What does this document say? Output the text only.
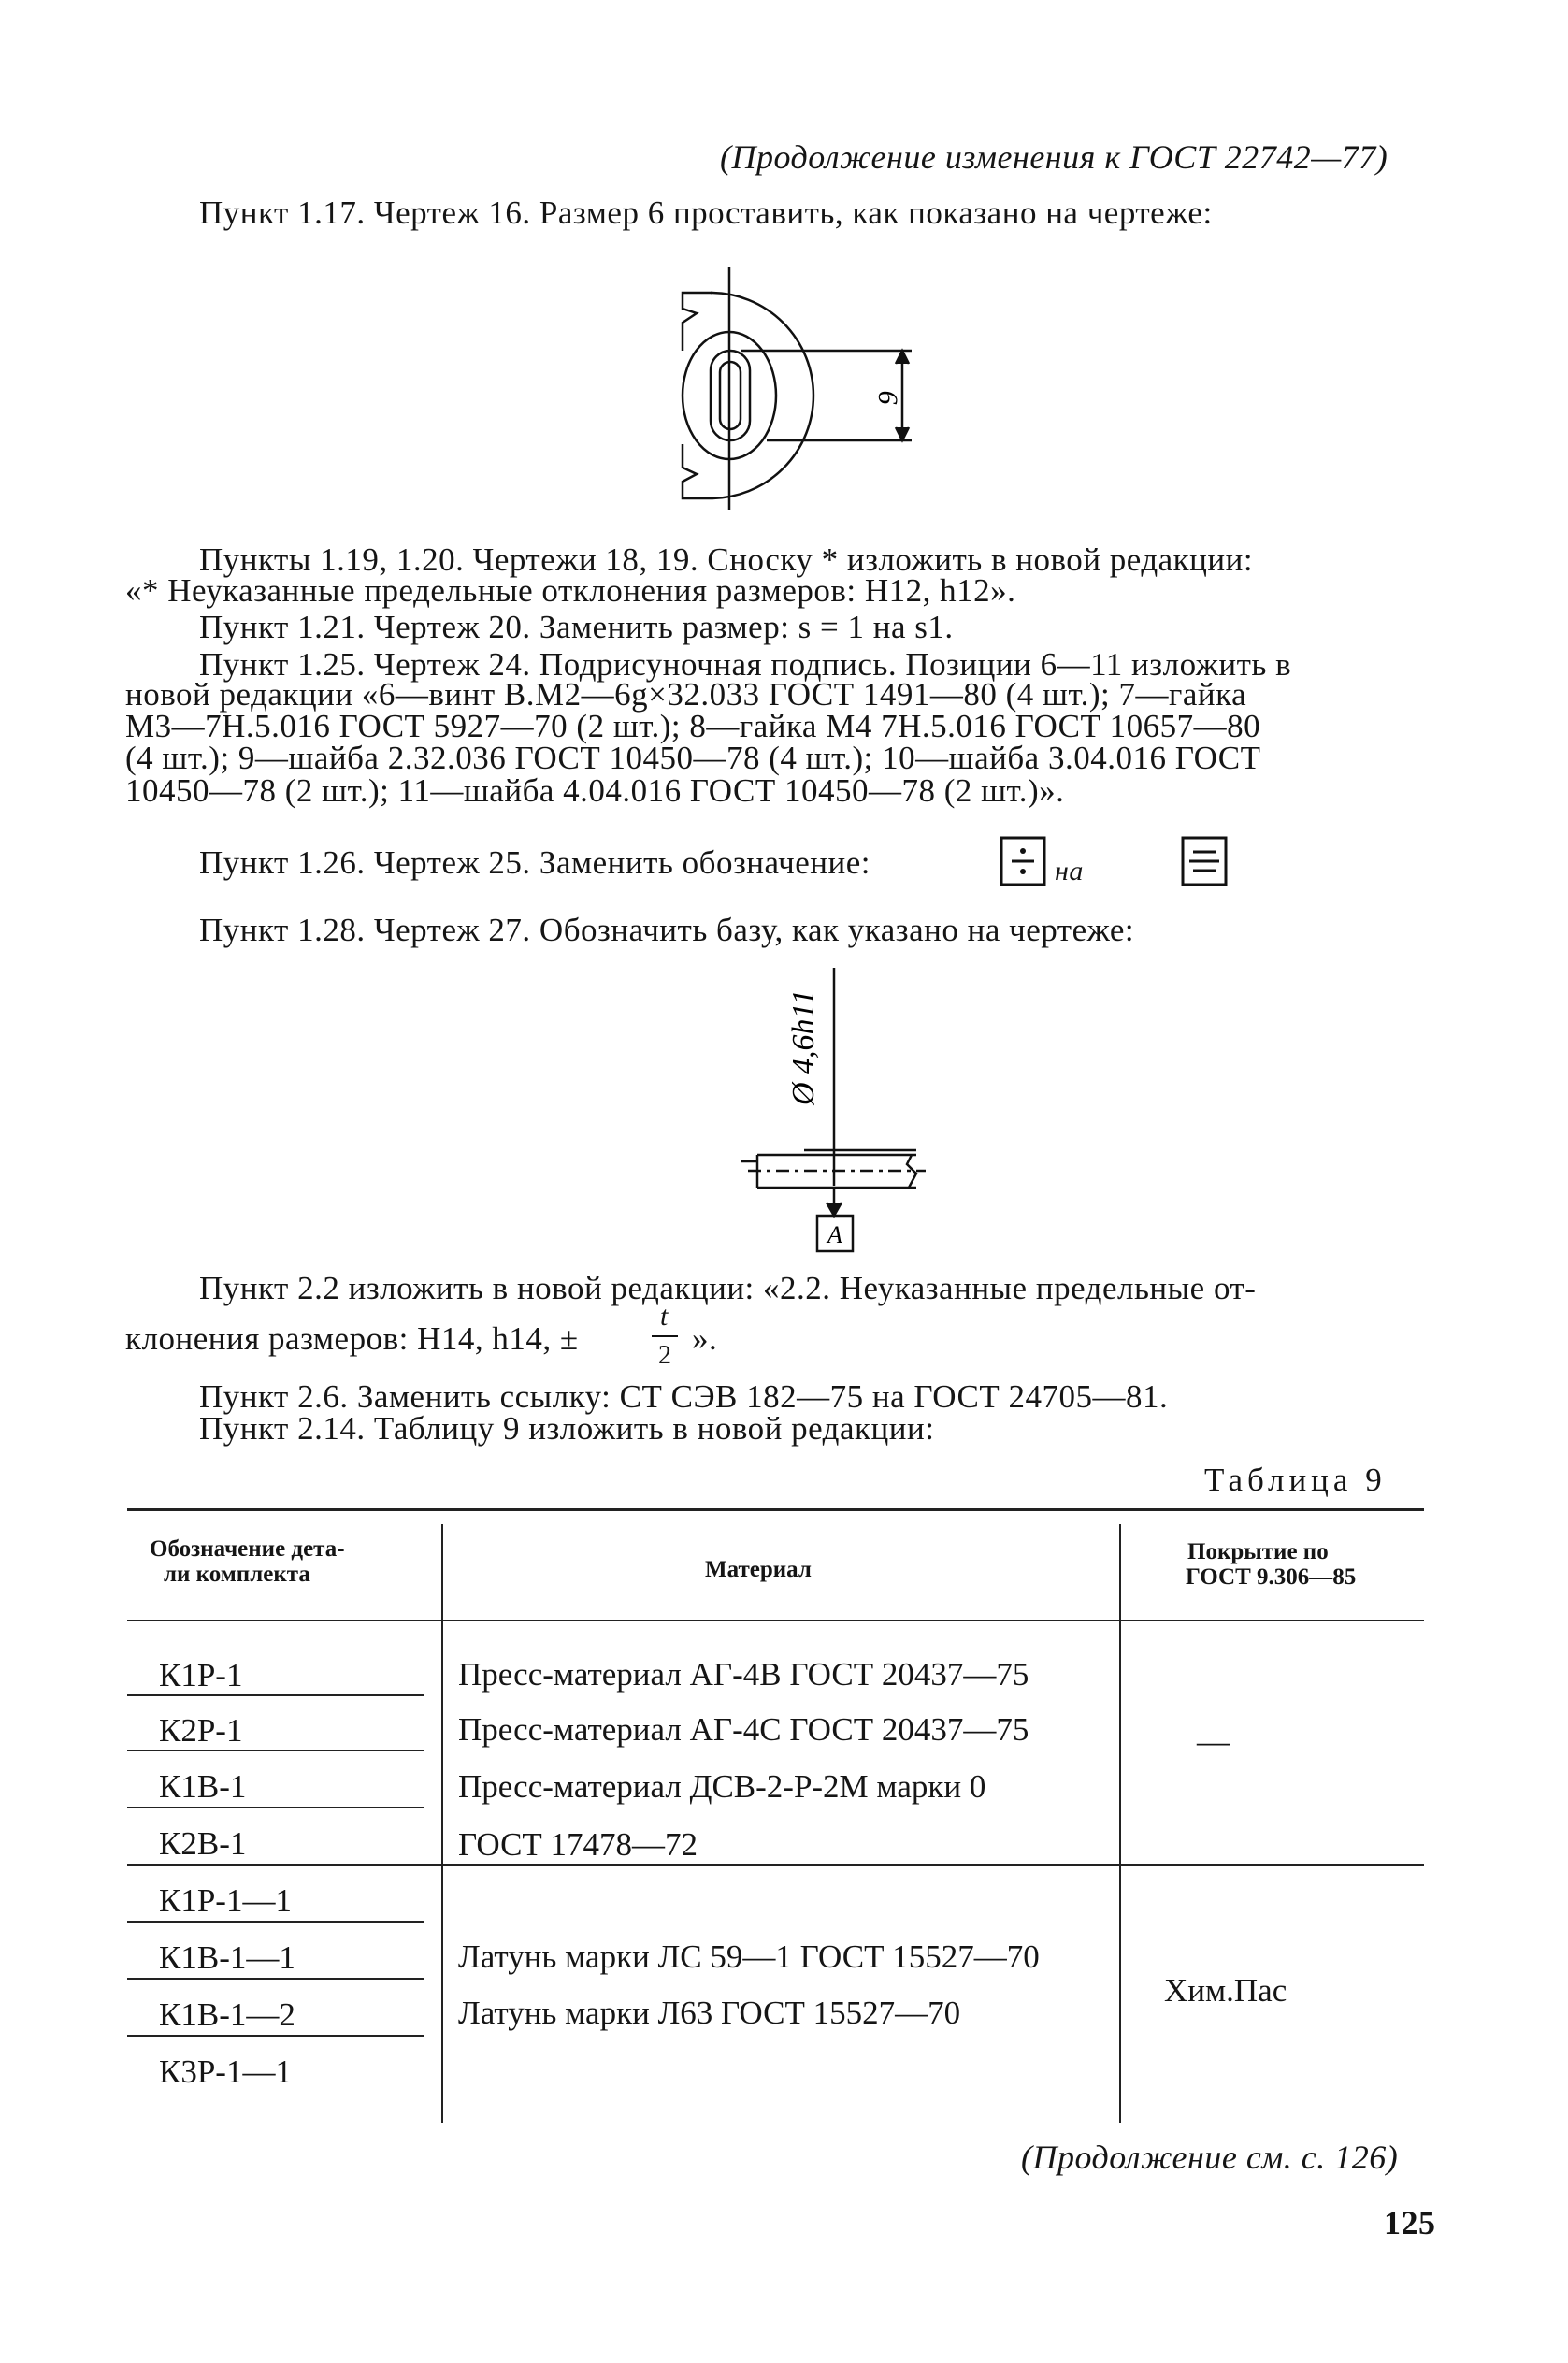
(Продолжение изменения к ГОСТ 22742—77)
Пункт 1.17. Чертеж 16. Размер 6 проставить, как показано на чертеже:
6
Пункты 1.19, 1.20. Чертежи 18, 19. Сноску * изложить в новой редакции:
«* Неуказанные предельные отклонения размеров: Н12, h12».
Пункт 1.21. Чертеж 20. Заменить размер: s = 1 на s1.
Пункт 1.25. Чертеж 24. Подрисуночная подпись. Позиции 6—11 изложить в
новой редакции «6—винт В.М2—6g×32.033 ГОСТ 1491—80 (4 шт.); 7—гайка
М3—7Н.5.016 ГОСТ 5927—70 (2 шт.); 8—гайка М4 7Н.5.016 ГОСТ 10657—80
(4 шт.); 9—шайба 2.32.036 ГОСТ 10450—78 (4 шт.); 10—шайба 3.04.016 ГОСТ
10450—78 (2 шт.); 11—шайба 4.04.016 ГОСТ 10450—78 (2 шт.)».
Пункт 1.26. Чертеж 25. Заменить обозначение:	на
Пункт 1.28. Чертеж 27. Обозначить базу, как указано на чертеже:
Ø 4,6h11
А
Пункт 2.2 изложить в новой редакции: «2.2. Неуказанные предельные от-
клонения размеров: Н14, h14, ±
t
2 ».
Пункт 2.6. Заменить ссылку: СТ СЭВ 182—75 на ГОСТ 24705—81.
Пункт 2.14. Таблицу 9 изложить в новой редакции:
Таблица 9
Обозначение дета-
ли комплекта	Материал
Покрытие по
ГОСТ 9.306—85
К1Р-1
К2Р-1
К1В-1
К2В-1
К1Р-1—1
К1В-1—1
К1В-1—2
К3Р-1—1
Пресс-материал АГ-4В ГОСТ 20437—75
Пресс-материал АГ-4С ГОСТ 20437—75
Пресс-материал ДСВ-2-Р-2М марки 0
ГОСТ 17478—72
Латунь марки ЛС 59—1 ГОСТ 15527—70
Латунь марки Л63 ГОСТ 15527—70
—
Хим.Пас
(Продолжение см. с. 126)
125
